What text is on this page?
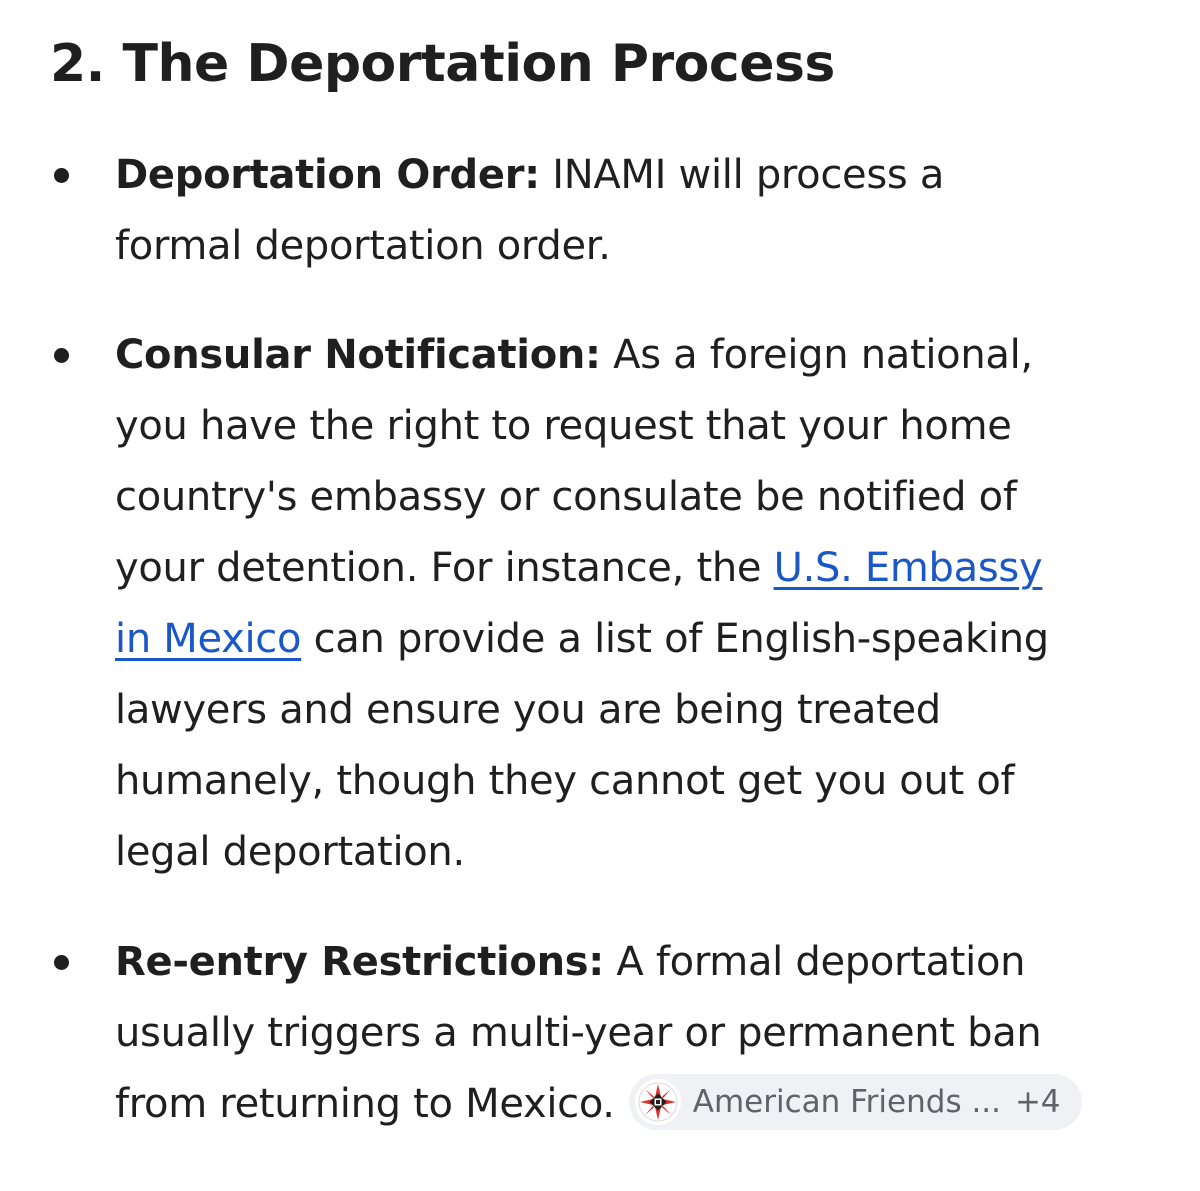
2. The Deportation Process
Deportation Order: INAMI will process a
formal deportation order.
Consular Notification: As a foreign national,
you have the right to request that your home
country's embassy or consulate be notified of
your detention. For instance, the U.S. Embassy
in Mexico can provide a list of English-speaking
lawyers and ensure you are being treated
humanely, though they cannot get you out of
legal deportation.
Re-entry Restrictions: A formal deportation
usually triggers a multi-year or permanent ban
from returning to Mexico.	American Friends ... +4
